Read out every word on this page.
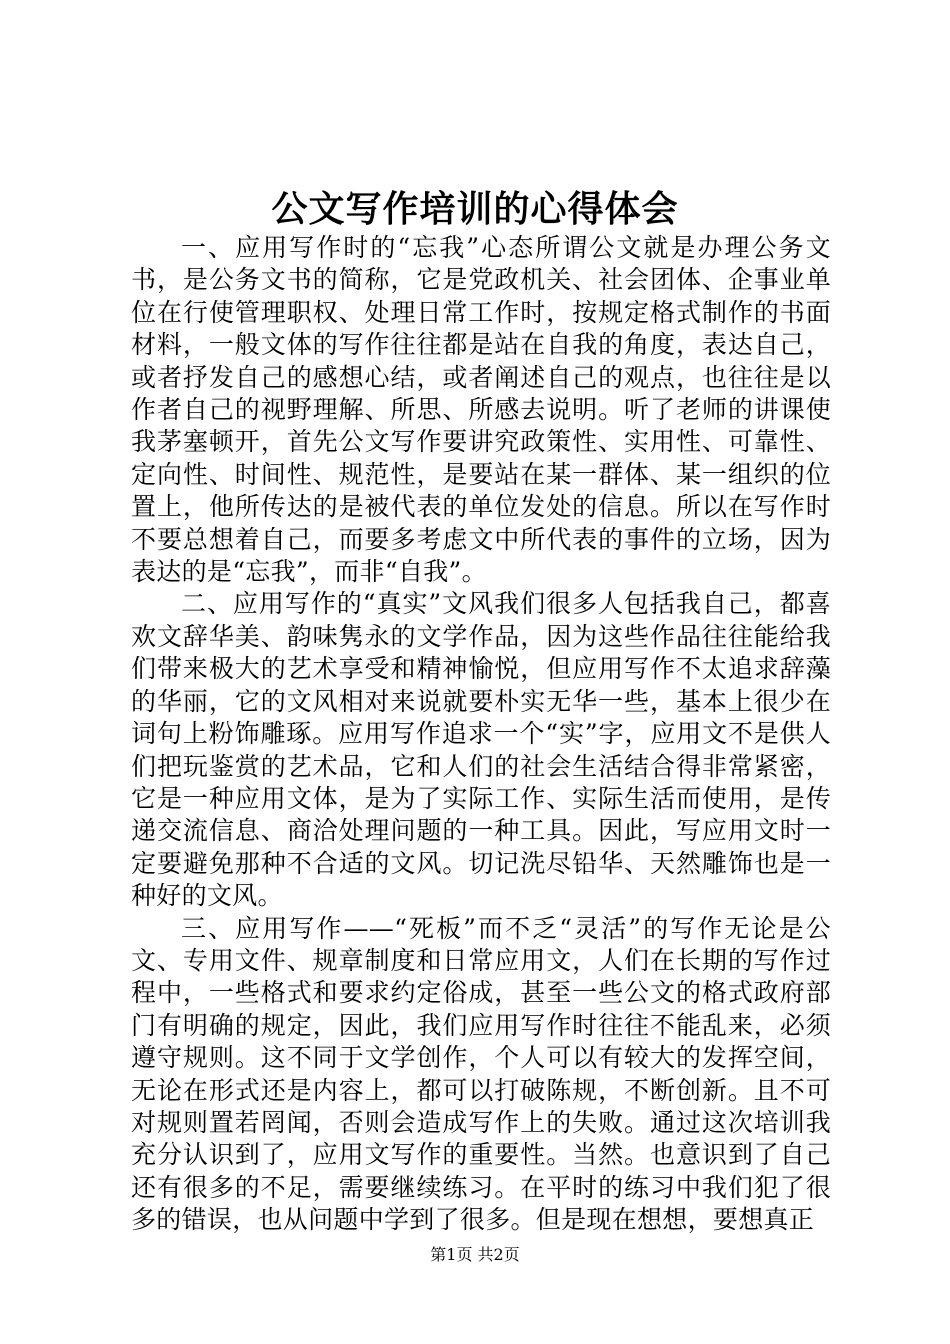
公文写作培训的心得体会

一、应用写作时的“忘我”心态所谓公文就是办理公务文书，是公务文书的简称，它是党政机关、社会团体、企事业单位在行使管理职权、处理日常工作时，按规定格式制作的书面材料，一般文体的写作往往都是站在自我的角度，表达自己，或者抒发自己的感想心结，或者阐述自己的观点，也往往是以作者自己的视野理解、所思、所感去说明。听了老师的讲课使我茅塞顿开，首先公文写作要讲究政策性、实用性、可靠性、定向性、时间性、规范性，是要站在某一群体、某一组织的位置上，他所传达的是被代表的单位发处的信息。所以在写作时不要总想着自己，而要多考虑文中所代表的事件的立场，因为表达的是“忘我”，而非“自我”。

二、应用写作的“真实”文风我们很多人包括我自己，都喜欢文辞华美、韵味隽永的文学作品，因为这些作品往往能给我们带来极大的艺术享受和精神愉悦，但应用写作不太追求辞藻的华丽，它的文风相对来说就要朴实无华一些，基本上很少在词句上粉饰雕琢。应用写作追求一个“实”字，应用文不是供人们把玩鉴赏的艺术品，它和人们的社会生活结合得非常紧密，它是一种应用文体，是为了实际工作、实际生活而使用，是传递交流信息、商洽处理问题的一种工具。因此，写应用文时一定要避免那种不合适的文风。切记洗尽铅华、天然雕饰也是一种好的文风。

三、应用写作——“死板”而不乏“灵活”的写作无论是公文、专用文件、规章制度和日常应用文，人们在长期的写作过程中，一些格式和要求约定俗成，甚至一些公文的格式政府部门有明确的规定，因此，我们应用写作时往往不能乱来，必须遵守规则。这不同于文学创作，个人可以有较大的发挥空间，无论在形式还是内容上，都可以打破陈规，不断创新。且不可对规则置若罔闻，否则会造成写作上的失败。通过这次培训我充分认识到了，应用文写作的重要性。当然。也意识到了自己还有很多的不足，需要继续练习。在平时的练习中我们犯了很多的错误，也从问题中学到了很多。但是现在想想，要想真正

第1页 共2页
